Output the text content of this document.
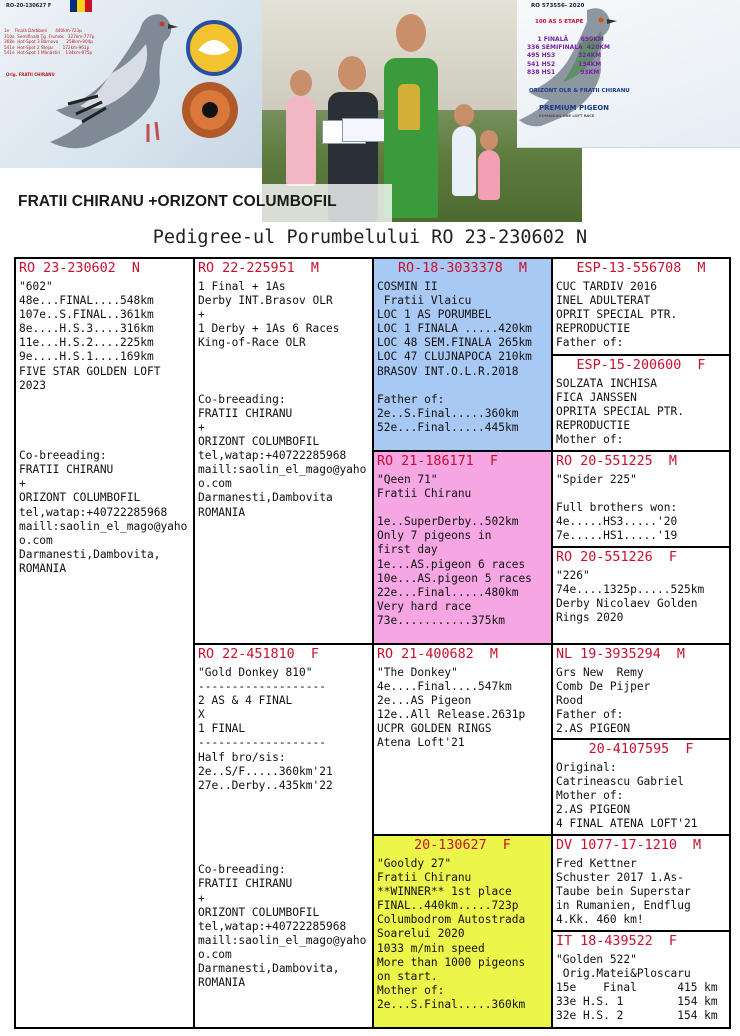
RO-20-130627 F
1e    Finală Dărăbani      440km-723p
310e  Semifinală Ţg. Frumos   327km-777p
368e  Hot-Spot 3 Bârnova      258km-904p
541e  Hot-Spot 2 Stejar       172km-961p
541e  Hot-Spot 1 Mânăstiri    134km-975p
Orig. FRATII CHIRANU
RO 573556- 2020
100 AS 5 ETAPE
1 FINALĂ      690KM
336 SEMIFINALĂ  420KM
495 HS3           324KM
541 HS2           134KM
838 HS1            93KM
ORIZONT OLR & FRATII CHIRANU
PREMIUM PIGEON
ROMANIAN ONE LOFT RACE
FRATII CHIRANU +ORIZONT COLUMBOFIL
Pedigree-ul Porumbelului RO 23-230602 N
RO 23-230602  N
"602"
48e...FINAL....548km
107e..S.FINAL..361km
8e....H.S.3....316km
11e...H.S.2....225km
9e....H.S.1....169km
FIVE STAR GOLDEN LOFT
2023

Co-breeading:
FRATII CHIRANU
+
ORIZONT COLUMBOFIL
tel,watap:+40722285968
maill:saolin_el_mago@yahoo.com
Darmanesti,Dambovita,
ROMANIA
RO 22-225951  M
1 Final + 1As
Derby INT.Brasov OLR
+
1 Derby + 1As 6 Races
King-of-Race OLR

Co-breeading:
FRATII CHIRANU
+
ORIZONT COLUMBOFIL
tel,watap:+40722285968
maill:saolin_el_mago@yaho
o.com
Darmanesti,Dambovita
ROMANIA
RO 22-451810  F
"Gold Donkey 810"
-------------------
2 AS & 4 FINAL
X
1 FINAL
-------------------
Half bro/sis:
2e..S/F.....360km'21
27e..Derby..435km'22

Co-breeading:
FRATII CHIRANU
+
ORIZONT COLUMBOFIL
tel,watap:+40722285968
maill:saolin_el_mago@yaho
o.com
Darmanesti,Dambovita,
ROMANIA
RO-18-3033378  M
COSMIN II
Fratii Vlaicu
LOC 1 AS PORUMBEL
LOC 1 FINALA .....420km
LOC 48 SEM.FINALA 265km
LOC 47 CLUJNAPOCA 210km
BRASOV INT.O.L.R.2018

Father of:
2e..S.Final.....360km
52e...Final.....445km
RO 21-186171  F
"Qeen 71"
Fratii Chiranu

1e..SuperDerby..502km
Only 7 pigeons in
first day
1e...AS.pigeon 6 races
10e...AS.pigeon 5 races
22e...Final.....480km
Very hard race
73e...........375km
RO 21-400682  M
"The Donkey"
4e....Final....547km
2e...AS Pigeon
12e..All Release.2631p
UCPR GOLDEN RINGS
Atena Loft'21
20-130627  F
"Gooldy 27"
Fratii Chiranu
**WINNER** 1st place
FINAL..440km.....723p
Columbodrom Autostrada
Soarelui 2020
1033 m/min speed
More than 1000 pigeons
on start.
Mother of:
2e...S.Final.....360km
ESP-13-556708  M
CUC TARDIV 2016
INEL ADULTERAT
OPRIT SPECIAL PTR.
REPRODUCTIE
Father of:
ESP-15-200600  F
SOLZATA INCHISA
FICA JANSSEN
OPRITA SPECIAL PTR.
REPRODUCTIE
Mother of:
RO 20-551225  M
"Spider 225"

Full brothers won:
4e.....HS3.....'20
7e.....HS1.....'19
RO 20-551226  F
"226"
74e....1325p.....525km
Derby Nicolaev Golden
Rings 2020
NL 19-3935294  M
Grs New  Remy
Comb De Pijper
Rood
Father of:
2.AS PIGEON
20-4107595  F
Original:
Catrineascu Gabriel
Mother of:
2.AS PIGEON
4 FINAL ATENA LOFT'21
DV 1077-17-1210  M
Fred Kettner
Schuster 2017 1.As-
Taube bein Superstar
in Rumanien, Endflug
4.Kk. 460 km!
IT 18-439522  F
"Golden 522"
Orig.Matei&Ploscaru
15e    Final      415 km
33e H.S. 1        154 km
32e H.S. 2        154 km
